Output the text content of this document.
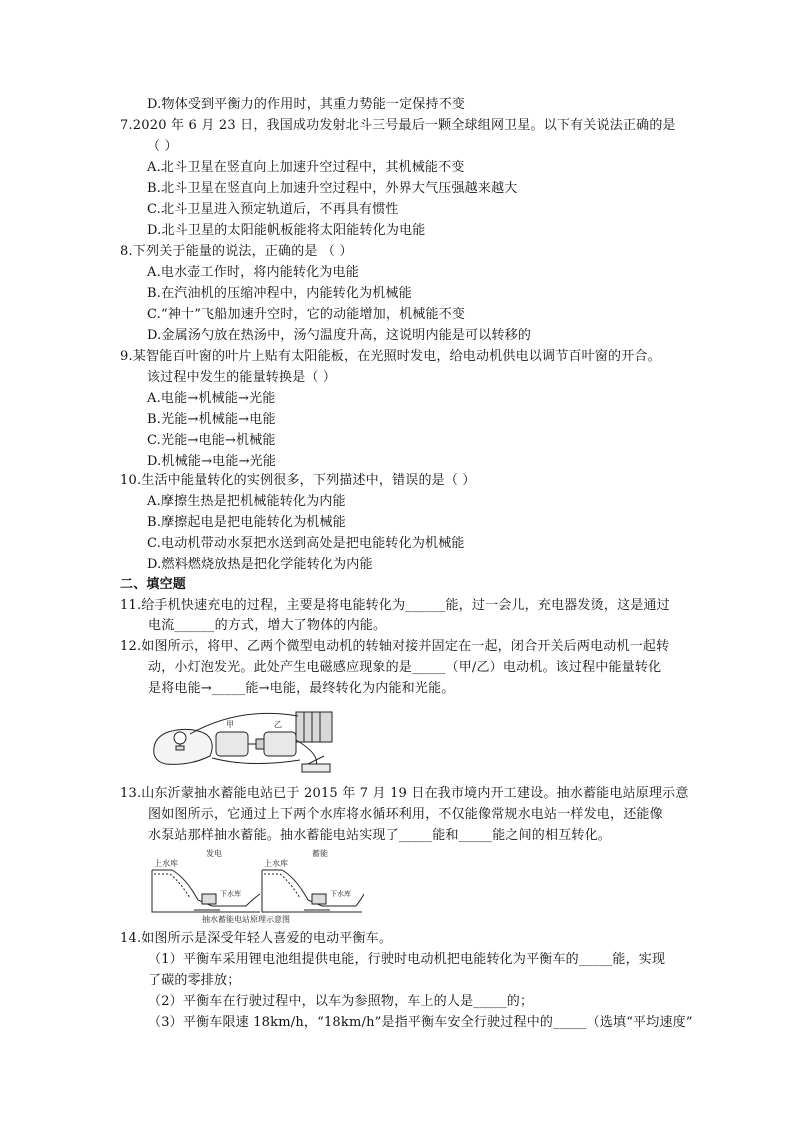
D.物体受到平衡力的作用时，其重力势能一定保持不变
7.2020 年 6 月 23 日，我国成功发射北斗三号最后一颗全球组网卫星。以下有关说法正确的是
（ ）
A.北斗卫星在竖直向上加速升空过程中，其机械能不变
B.北斗卫星在竖直向上加速升空过程中，外界大气压强越来越大
C.北斗卫星进入预定轨道后，不再具有惯性
D.北斗卫星的太阳能帆板能将太阳能转化为电能
8.下列关于能量的说法，正确的是 （ ）
A.电水壶工作时，将内能转化为电能
B.在汽油机的压缩冲程中，内能转化为机械能
C.“神十”飞船加速升空时，它的动能增加，机械能不变
D.金属汤勺放在热汤中，汤勺温度升高，这说明内能是可以转移的
9.某智能百叶窗的叶片上贴有太阳能板，在光照时发电，给电动机供电以调节百叶窗的开合。
该过程中发生的能量转换是（ ）
A.电能→机械能→光能
B.光能→机械能→电能
C.光能→电能→机械能
D.机械能→电能→光能
10.生活中能量转化的实例很多，下列描述中，错误的是（ ）
A.摩擦生热是把机械能转化为内能
B.摩擦起电是把电能转化为机械能
C.电动机带动水泵把水送到高处是把电能转化为机械能
D.燃料燃烧放热是把化学能转化为内能
二、填空题
11.给手机快速充电的过程，主要是将电能转化为______能，过一会儿，充电器发烫，这是通过
电流______的方式，增大了物体的内能。
12.如图所示，将甲、乙两个微型电动机的转轴对接并固定在一起，闭合开关后两电动机一起转
动，小灯泡发光。此处产生电磁感应现象的是_____（甲/乙）电动机。该过程中能量转化
是将电能→_____能→电能，最终转化为内能和光能。
甲	乙
13.山东沂蒙抽水蓄能电站已于 2015 年 7 月 19 日在我市境内开工建设。抽水蓄能电站原理示意
图如图所示，它通过上下两个水库将水循环利用，不仅能像常规水电站一样发电，还能像
水泵站那样抽水蓄能。抽水蓄能电站实现了_____能和_____能之间的相互转化。
上水库
发电
下水库
上水库
蓄能
下水库
抽水蓄能电站原理示意图
14.如图所示是深受年轻人喜爱的电动平衡车。
（1）平衡车采用锂电池组提供电能，行驶时电动机把电能转化为平衡车的_____能，实现
了碳的零排放；
（2）平衡车在行驶过程中，以车为参照物，车上的人是_____的；
（3）平衡车限速 18km/h，“18km/h”是指平衡车安全行驶过程中的_____（选填“平均速度”
